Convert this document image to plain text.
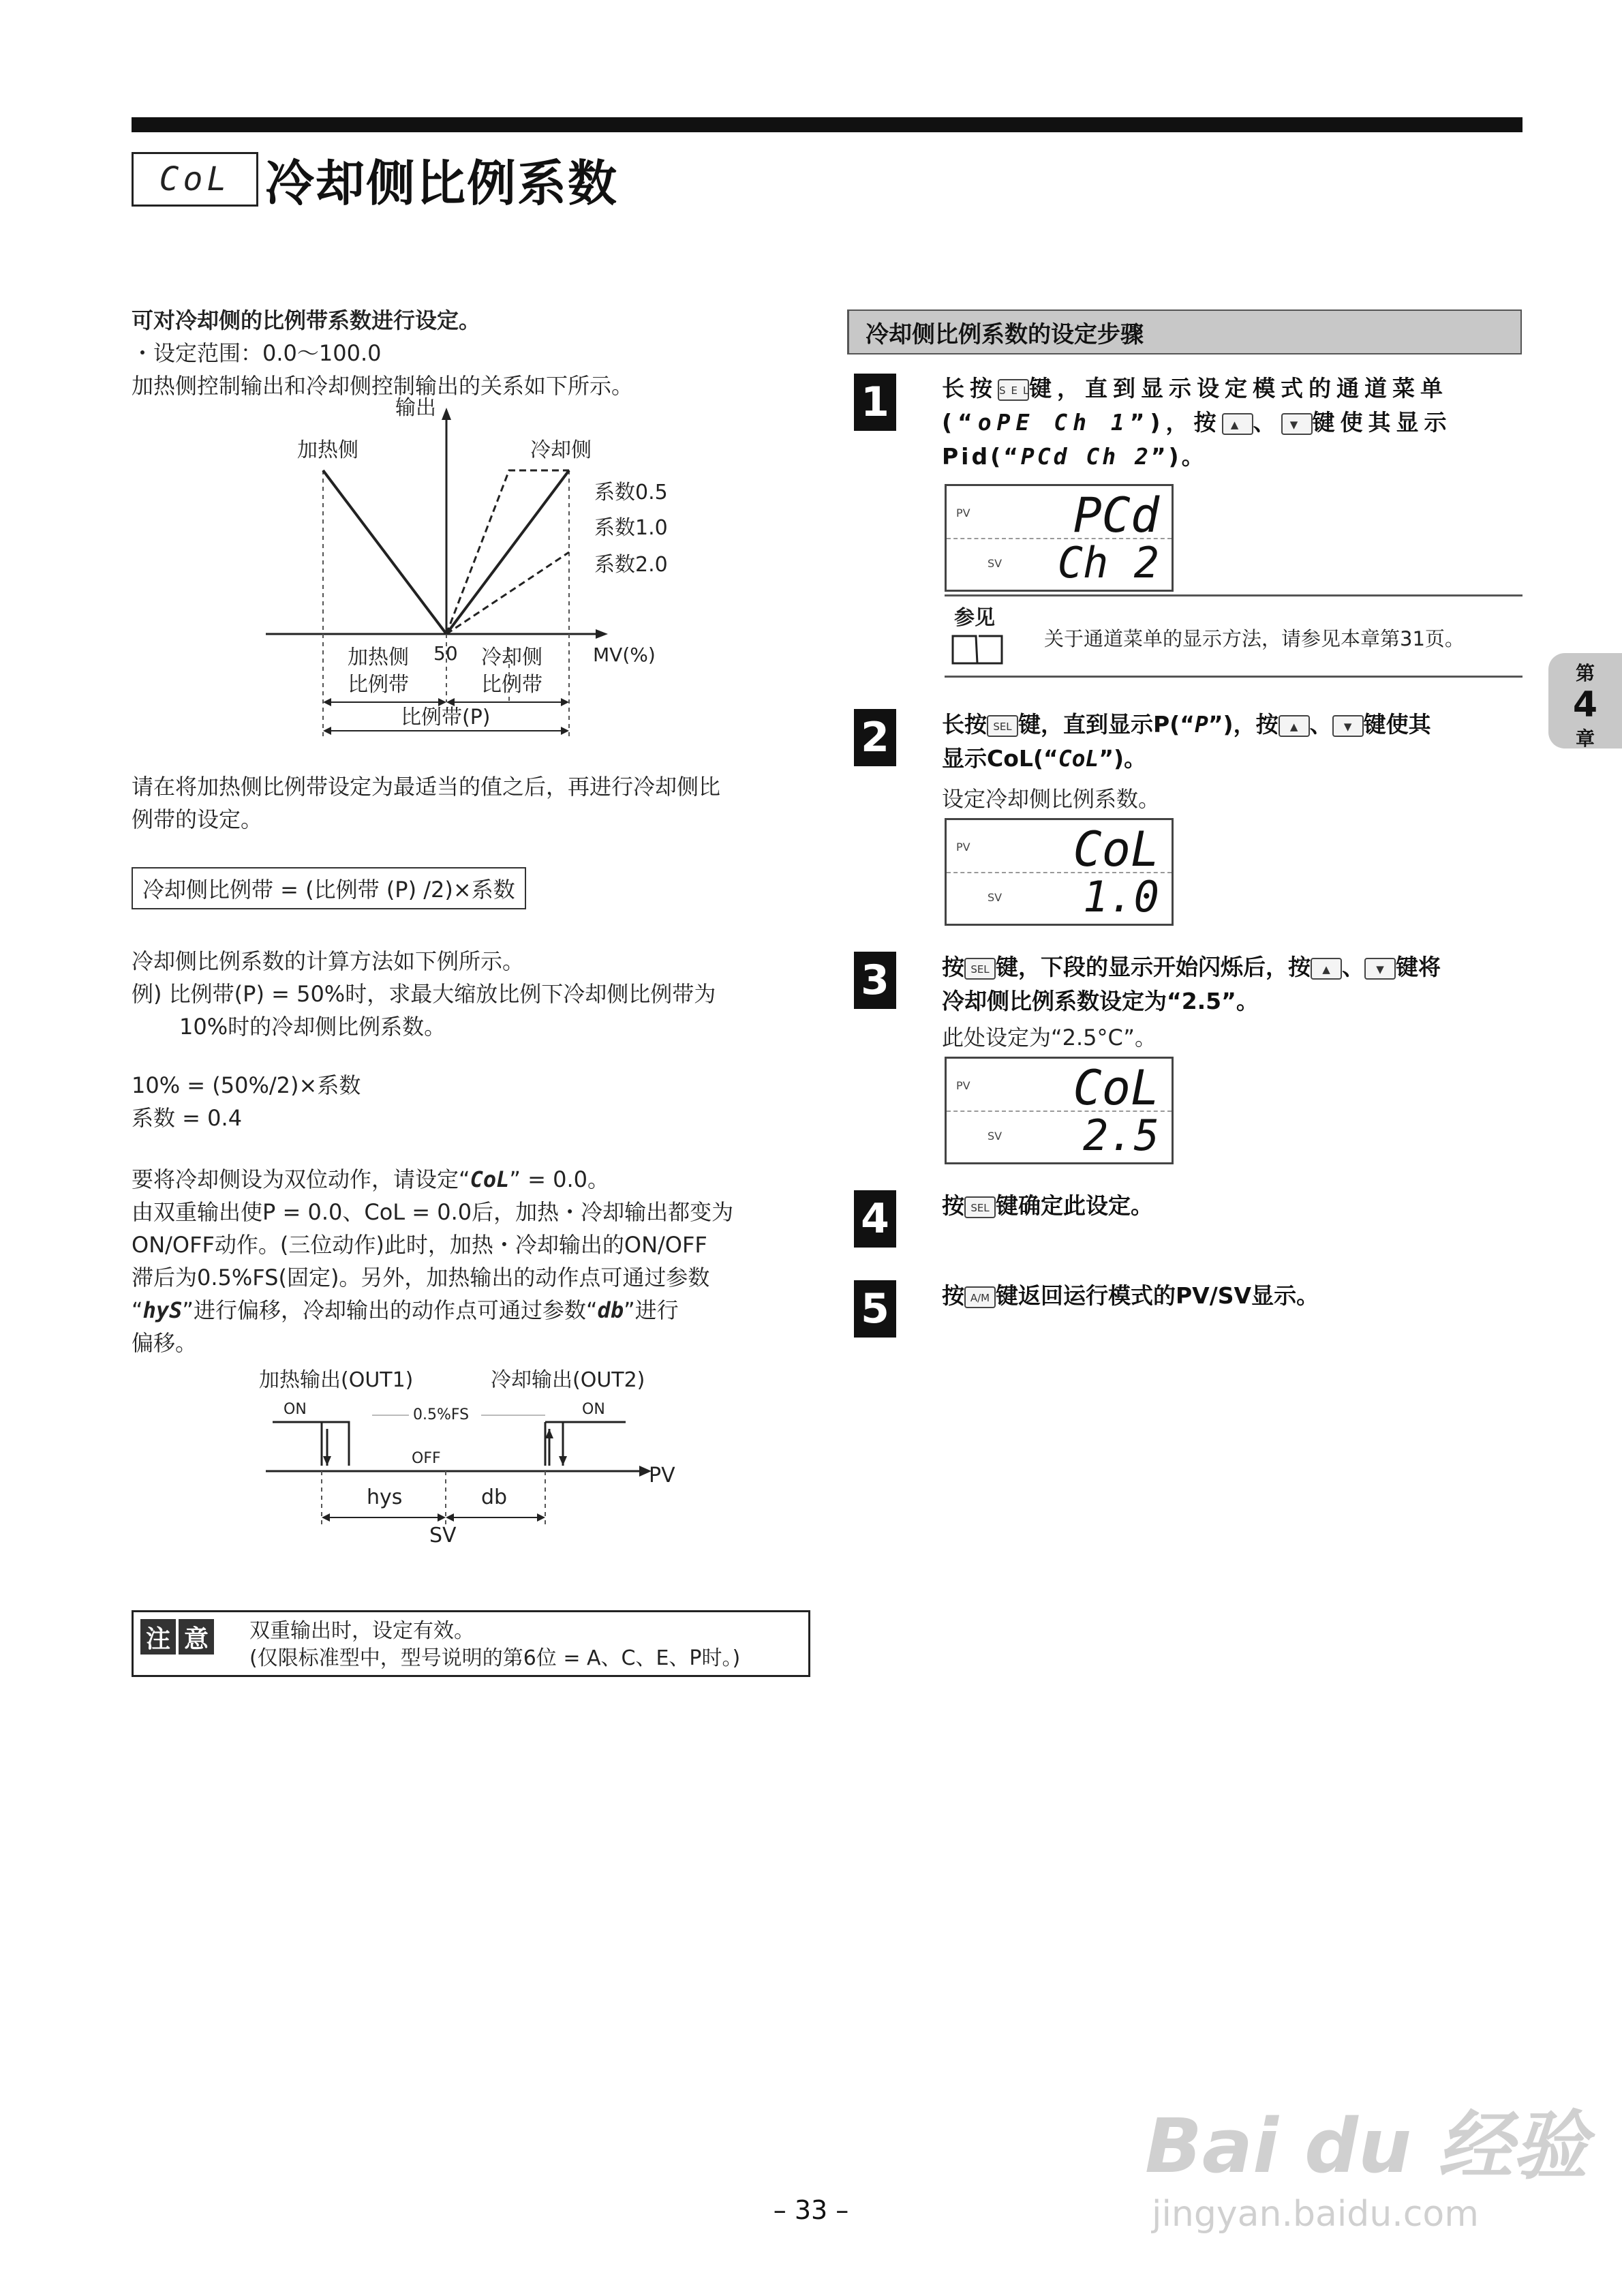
CoL 冷却侧比例系数
可对冷却侧的比例带系数进行设定。
・设定范围：0.0～100.0
加热侧控制输出和冷却侧控制输出的关系如下所示。
输出
加热侧	冷却侧
系数0.5
系数1.0
系数2.0
50	MV(%)
加热侧
比例带
冷却侧
比例带
比例带(P)
请在将加热侧比例带设定为最适当的值之后，再进行冷却侧比
例带的设定。
冷却侧比例带 = (比例带 (P) /2)×系数
冷却侧比例系数的计算方法如下例所示。
例) 比例带(P) = 50%时，求最大缩放比例下冷却侧比例带为
10%时的冷却侧比例系数。
10% = (50%/2)×系数
系数 = 0.4
要将冷却侧设为双位动作，请设定“CoL” = 0.0。
由双重输出使P = 0.0、CoL = 0.0后，加热・冷却输出都变为
ON/OFF动作。(三位动作)此时，加热・冷却输出的ON/OFF
滞后为0.5%FS(固定)。另外，加热输出的动作点可通过参数
“hyS”进行偏移，冷却输出的动作点可通过参数“db”进行
偏移。
加热输出(OUT1)	冷却输出(OUT2)
ON	ON
0.5%FS
OFF
PV
hys	db
SV
注 意 双重输出时，设定有效。
(仅限标准型中，型号说明的第6位 = A、C、E、P时。)
冷却侧比例系数的设定步骤
1	长按 SEL键，直到显示设定模式的通道菜单
(“oPE Ch 1”)，按 ▲ 、 ▼ 键使其显示
Pid(“PCd Ch 2”)。
PV PCd
SV Ch 2
参见
关于通道菜单的显示方法，请参见本章第31页。
2	长按 SEL 键，直到显示P(“P”)，按 ▲ 、 ▼ 键使其
显示CoL(“CoL”)。
设定冷却侧比例系数。
PV CoL
SV 1.0
3	按 SEL 键，下段的显示开始闪烁后，按 ▲ 、 ▼ 键将
冷却侧比例系数设定为“2.5”。
此处设定为“2.5°C”。
PV CoL
SV 2.5
4	按 SEL 键确定此设定。
5	按 A/M 键返回运行模式的PV/SV显示。
第
4
章
– 33 –
Bai du 经验
jingyan.baidu.com
